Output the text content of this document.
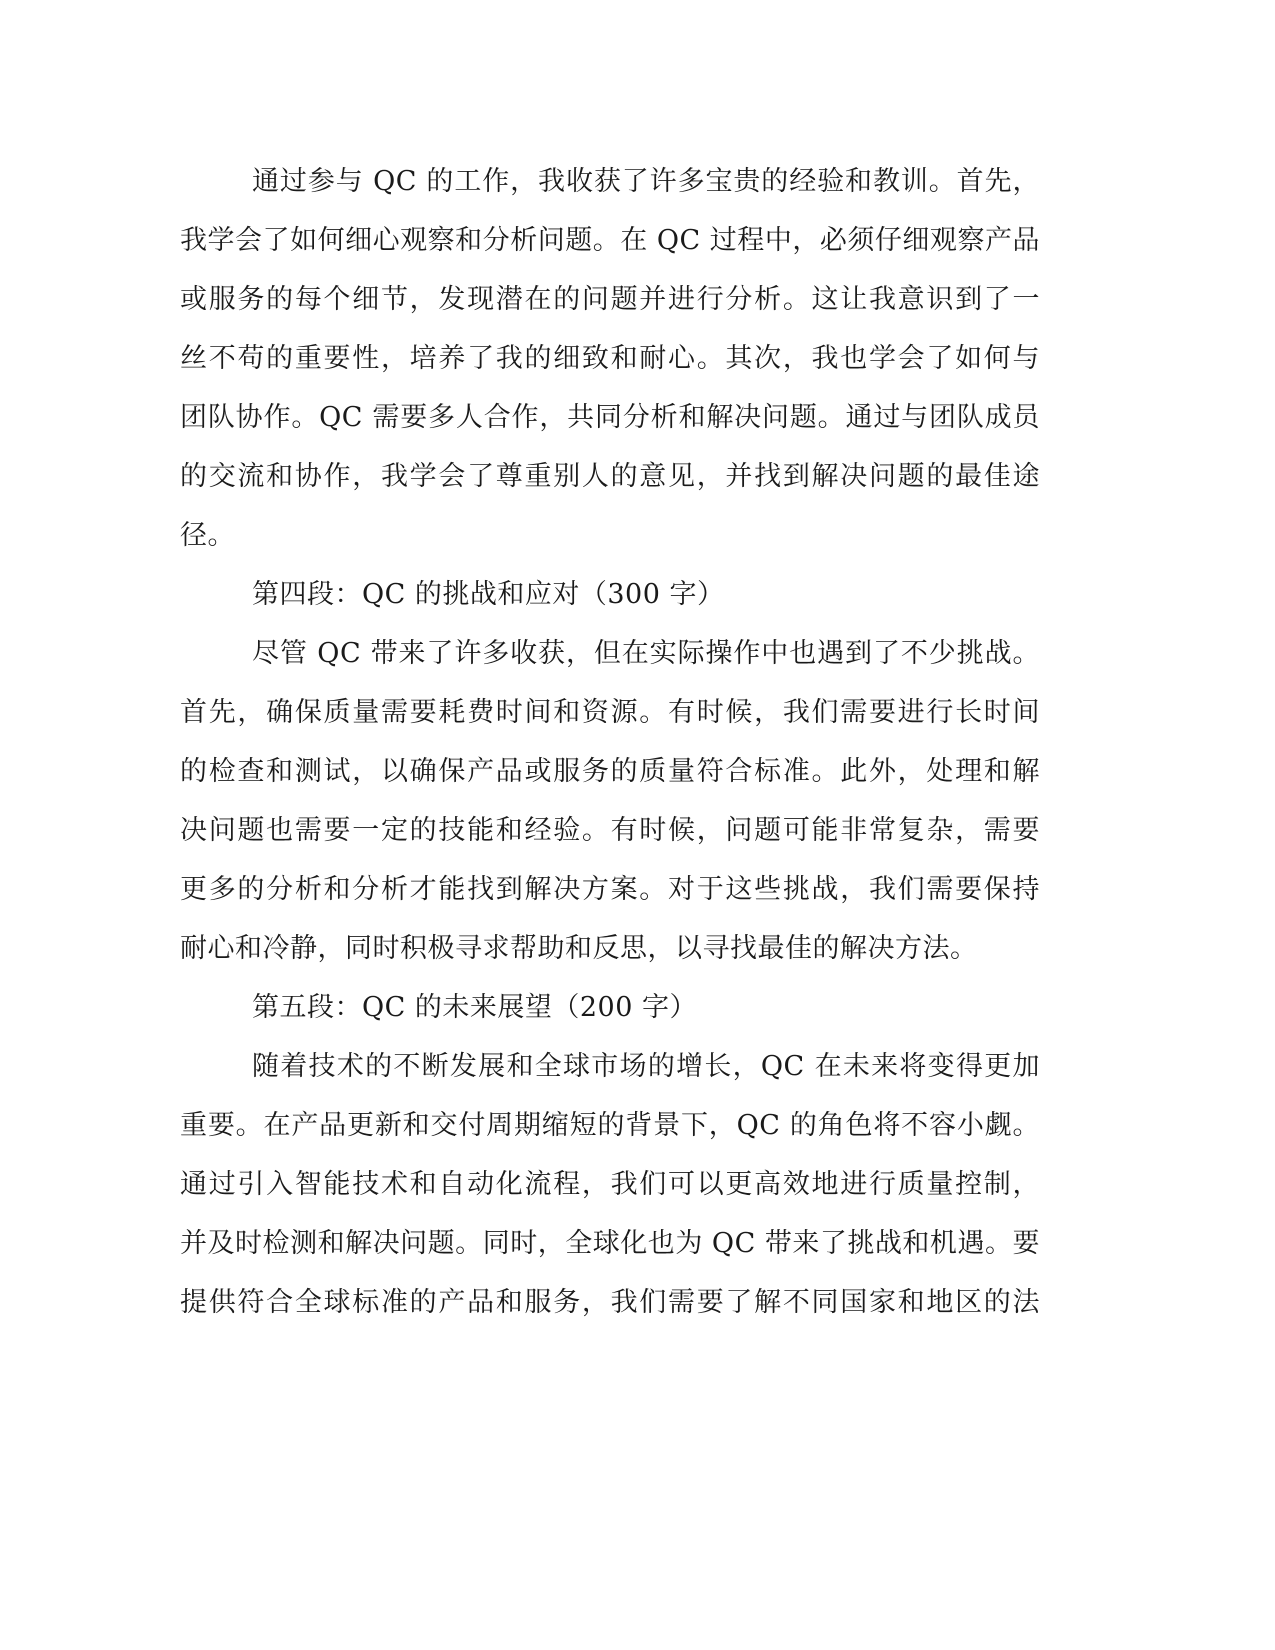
通过参与 QC 的工作，我收获了许多宝贵的经验和教训。首先，
我学会了如何细心观察和分析问题。在 QC 过程中，必须仔细观察产品
或服务的每个细节，发现潜在的问题并进行分析。这让我意识到了一
丝不苟的重要性，培养了我的细致和耐心。其次，我也学会了如何与
团队协作。QC 需要多人合作，共同分析和解决问题。通过与团队成员
的交流和协作，我学会了尊重别人的意见，并找到解决问题的最佳途
径。
第四段：QC 的挑战和应对（300 字）
尽管 QC 带来了许多收获，但在实际操作中也遇到了不少挑战。
首先，确保质量需要耗费时间和资源。有时候，我们需要进行长时间
的检查和测试，以确保产品或服务的质量符合标准。此外，处理和解
决问题也需要一定的技能和经验。有时候，问题可能非常复杂，需要
更多的分析和分析才能找到解决方案。对于这些挑战，我们需要保持
耐心和冷静，同时积极寻求帮助和反思，以寻找最佳的解决方法。
第五段：QC 的未来展望（200 字）
随着技术的不断发展和全球市场的增长，QC 在未来将变得更加
重要。在产品更新和交付周期缩短的背景下，QC 的角色将不容小觑。
通过引入智能技术和自动化流程，我们可以更高效地进行质量控制，
并及时检测和解决问题。同时，全球化也为 QC 带来了挑战和机遇。要
提供符合全球标准的产品和服务，我们需要了解不同国家和地区的法
